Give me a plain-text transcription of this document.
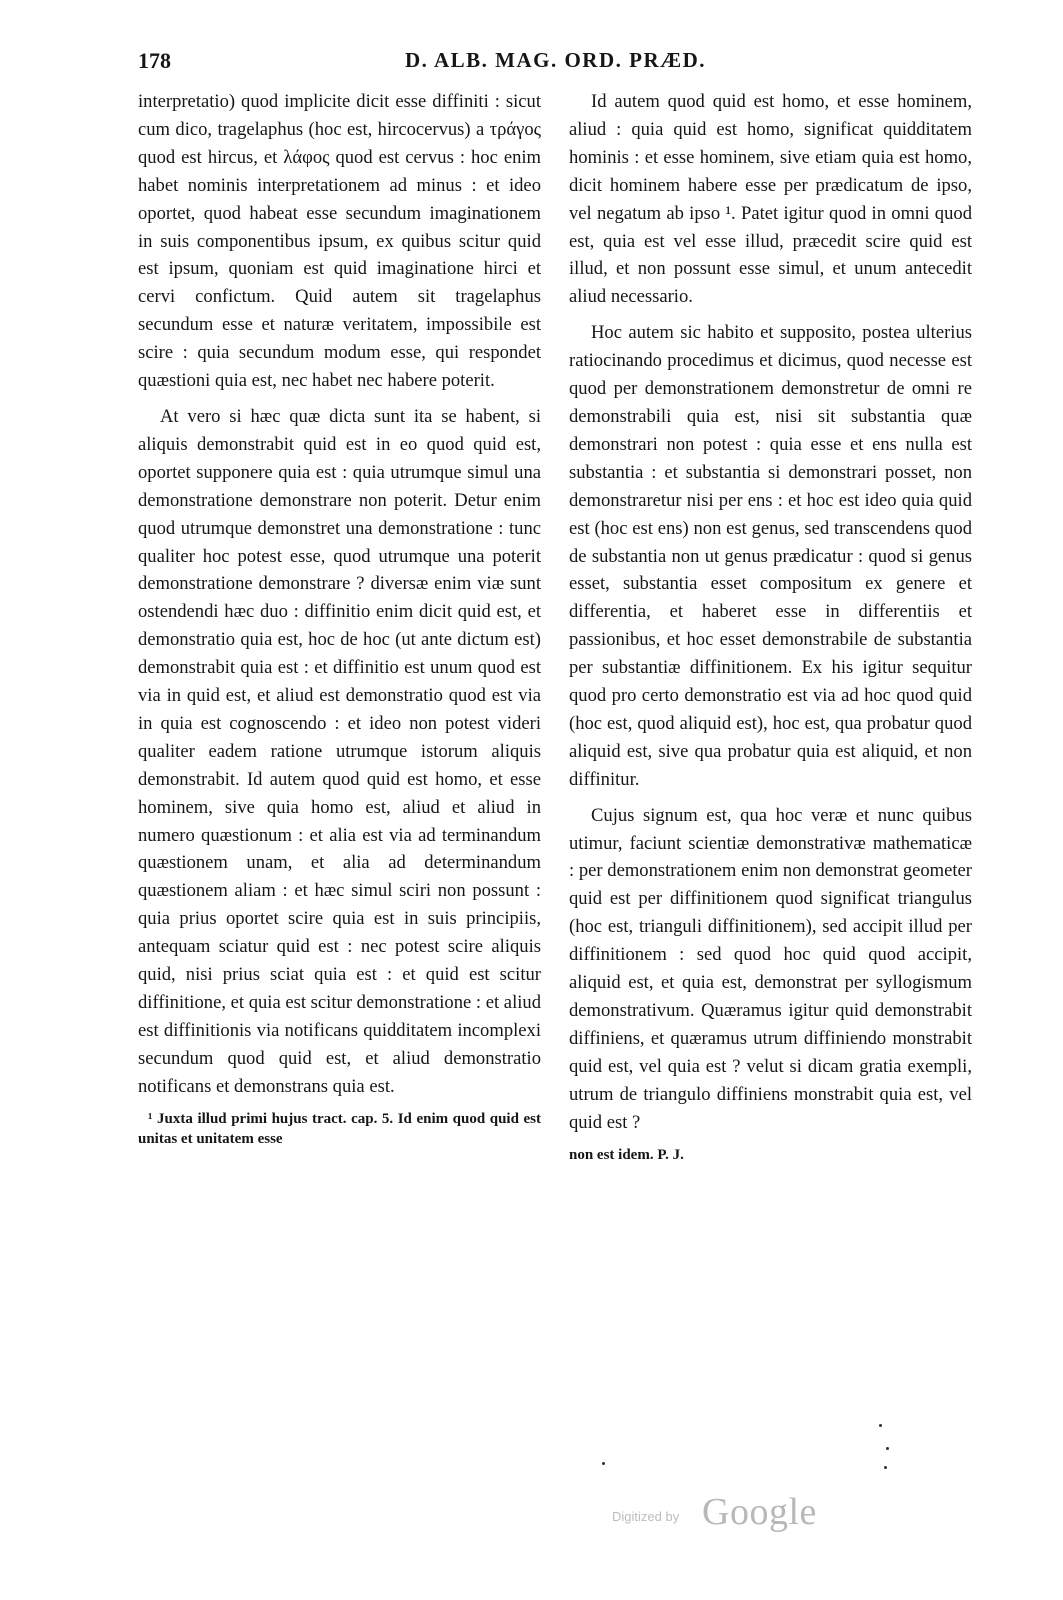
178	D. ALB. MAG. ORD. PRÆD.

interpretatio) quod implicite dicit esse diffiniti : sicut cum dico, tragelaphus (hoc est, hircocervus) a τράγος quod est hircus, et λάφος quod est cervus : hoc enim habet nominis interpretationem ad minus : et ideo oportet, quod habeat esse secundum imaginationem in suis componentibus ipsum, ex quibus scitur quid est ipsum, quoniam est quid imaginatione hirci et cervi confictum. Quid autem sit tragelaphus secundum esse et naturæ veritatem, impossibile est scire : quia secundum modum esse, qui respondet quæstioni quia est, nec habet nec habere poterit.

At vero si hæc quæ dicta sunt ita se habent, si aliquis demonstrabit quid est in eo quod quid est, oportet supponere quia est : quia utrumque simul una demonstratione demonstrare non poterit. Detur enim quod utrumque demonstret una demonstratione : tunc qualiter hoc potest esse, quod utrumque una poterit demonstratione demonstrare ? diversæ enim viæ sunt ostendendi hæc duo : diffinitio enim dicit quid est, et demonstratio quia est, hoc de hoc (ut ante dictum est) demonstrabit quia est : et diffinitio est unum quod est via in quid est, et aliud est demonstratio quod est via in quia est cognoscendo : et ideo non potest videri qualiter eadem ratione utrumque istorum aliquis demonstrabit. Id autem quod quid est homo, et esse hominem, sive quia homo est, aliud et aliud in numero quæstionum : et alia est via ad terminandum quæstionem unam, et alia ad determinandum quæstionem aliam : et hæc simul sciri non possunt : quia prius oportet scire quia est in suis principiis, antequam sciatur quid est : nec potest scire aliquis quid, nisi prius sciat quia est : et quid est scitur diffinitione, et quia est scitur demonstratione : et aliud est diffinitionis via notificans quidditatem incomplexi secundum quod quid est, et aliud demonstratio notificans et demonstrans quia est.

¹ Juxta illud primi hujus tract. cap. 5. Id enim quod quid est unitas et unitatem esse

Id autem quod quid est homo, et esse hominem, aliud : quia quid est homo, significat quidditatem hominis : et esse hominem, sive etiam quia est homo, dicit hominem habere esse per prædicatum de ipso, vel negatum ab ipso ¹. Patet igitur quod in omni quod est, quia est vel esse illud, præcedit scire quid est illud, et non possunt esse simul, et unum antecedit aliud necessario.

Hoc autem sic habito et supposito, postea ulterius ratiocinando procedimus et dicimus, quod necesse est quod per demonstrationem demonstretur de omni re demonstrabili quia est, nisi sit substantia quæ demonstrari non potest : quia esse et ens nulla est substantia : et substantia si demonstrari posset, non demonstraretur nisi per ens : et hoc est ideo quia quid est (hoc est ens) non est genus, sed transcendens quod de substantia non ut genus prædicatur : quod si genus esset, substantia esset compositum ex genere et differentia, et haberet esse in differentiis et passionibus, et hoc esset demonstrabile de substantia per substantiæ diffinitionem. Ex his igitur sequitur quod pro certo demonstratio est via ad hoc quod quid (hoc est, quod aliquid est), hoc est, qua probatur quod aliquid est, sive qua probatur quia est aliquid, et non diffinitur.

Cujus signum est, qua hoc veræ et nunc quibus utimur, faciunt scientiæ demonstrativæ mathematicæ : per demonstrationem enim non demonstrat geometer quid est per diffinitionem quod significat triangulus (hoc est, trianguli diffinitionem), sed accipit illud per diffinitionem : sed quod hoc quid quod accipit, aliquid est, et quia est, demonstrat per syllogismum demonstrativum. Quæramus igitur quid demonstrabit diffiniens, et quæramus utrum diffiniendo monstrabit quid est, vel quia est ? velut si dicam gratia exempli, utrum de triangulo diffiniens monstrabit quia est, vel quid est ?

non est idem. P. J.

Digitized by Google
